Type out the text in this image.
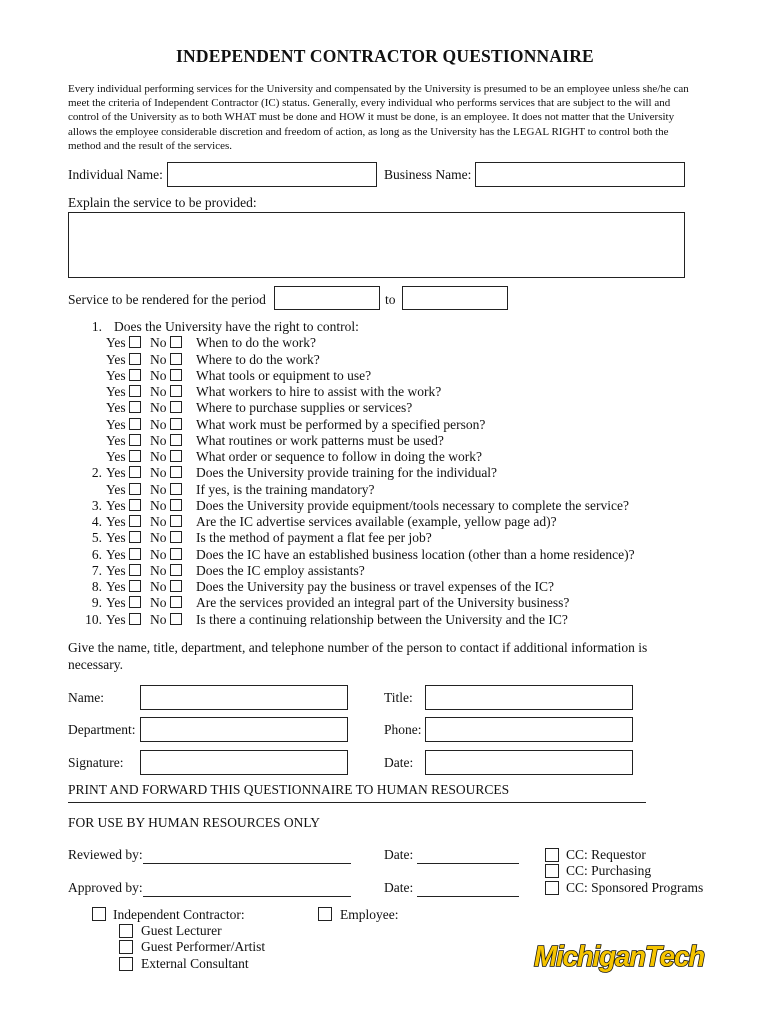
INDEPENDENT CONTRACTOR QUESTIONNAIRE
Every individual performing services for the University and compensated by the University is presumed to be an employee unless she/he can meet the criteria of Independent Contractor (IC) status. Generally, every individual who performs services that are subject to the will and control of the University as to both WHAT must be done and HOW it must be done, is an employee. It does not matter that the University allows the employee considerable discretion and freedom of action, as long as the University has the LEGAL RIGHT to control both the method and the result of the services.
Individual Name:	Business Name:
Explain the service to be provided:
Service to be rendered for the period	to
1. Does the University have the right to control:
Yes	No	When to do the work?
Yes	No	Where to do the work?
Yes	No	What tools or equipment to use?
Yes	No	What workers to hire to assist with the work?
Yes	No	Where to purchase supplies or services?
Yes	No	What work must be performed by a specified person?
Yes	No	What routines or work patterns must be used?
Yes	No	What order or sequence to follow in doing the work?
2. Yes	No	Does the University provide training for the individual?
Yes	No	If yes, is the training mandatory?
3. Yes	No	Does the University provide equipment/tools necessary to complete the service?
4. Yes	No	Are the IC advertise services available (example, yellow page ad)?
5. Yes	No	Is the method of payment a flat fee per job?
6. Yes	No	Does the IC have an established business location (other than a home residence)?
7. Yes	No	Does the IC employ assistants?
8. Yes	No	Does the University pay the business or travel expenses of the IC?
9. Yes	No	Are the services provided an integral part of the University business?
10. Yes	No	Is there a continuing relationship between the University and the IC?
Give the name, title, department, and telephone number of the person to contact if additional information is necessary.
Name:	Title:
Department:	Phone:
Signature:	Date:
PRINT AND FORWARD THIS QUESTIONNAIRE TO HUMAN RESOURCES
FOR USE BY HUMAN RESOURCES ONLY
Reviewed by:	Date:
Approved by:	Date:
CC: Requestor
CC: Purchasing
CC: Sponsored Programs
Independent Contractor:	Employee:
Guest Lecturer
Guest Performer/Artist
External Consultant	MichiganTech
